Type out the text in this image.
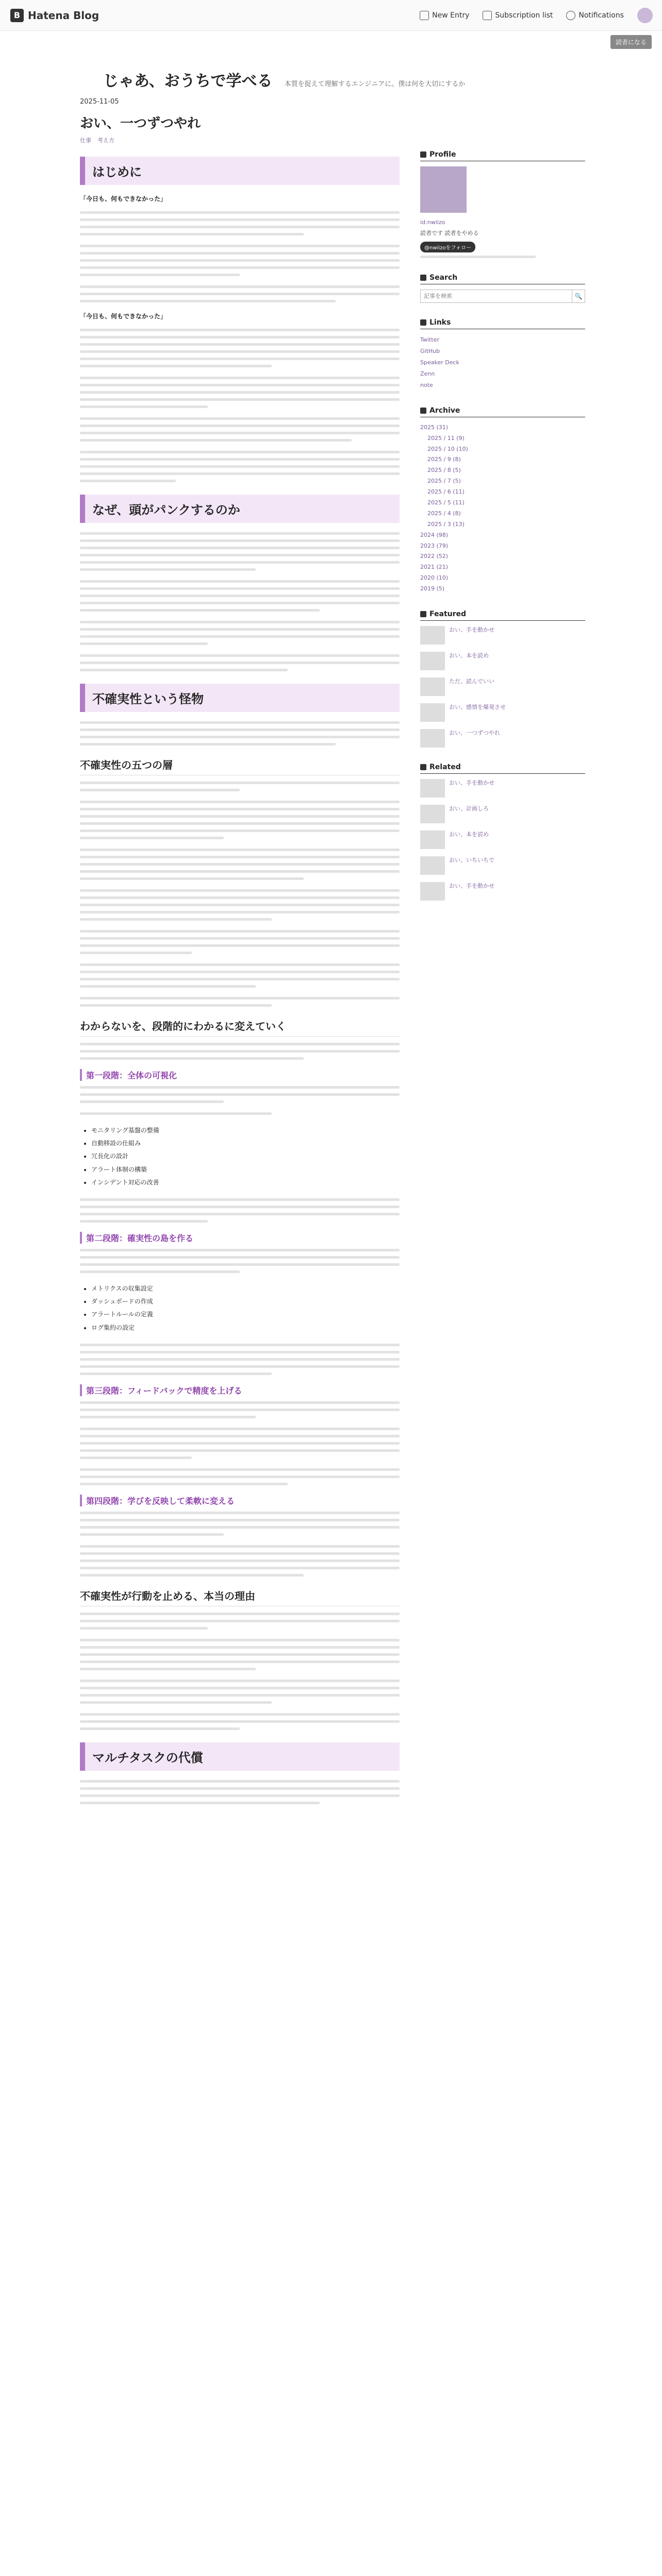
B Hatena Blog	New Entry	Subscription list	Notifications
読者になる
じゃあ、おうちで学べる 本質を捉えて理解するエンジニアに。僕は何を大切にするか
2025-11-05
おい、一つずつやれ
仕事 考え方
はじめに
「今日も、何もできなかった」
「今日も、何もできなかった」
なぜ、頭がパンクするのか
不確実性という怪物
不確実性の五つの層
わからないを、段階的にわかるに変えていく
第一段階：全体の可視化
• モニタリング基盤の整備
• 自動移設の仕組み
• 冗長化の設計
• アラート体制の構築
• インシデント対応の改善
第二段階：確実性の島を作る
• メトリクスの収集設定
• ダッシュボードの作成
• アラートルールの定義
• ログ集約の設定
第三段階：フィードバックで精度を上げる
第四段階：学びを反映して柔軟に変える
不確実性が行動を止める、本当の理由
マルチタスクの代償
Profile
id:nwiizo
読者です 読者をやめる
@nwiizoをフォロー
Search
記事を検索
🔍
Links
Twitter
GitHub
Speaker Deck
Zenn
note
Archive
2025 (31)
2025 / 11 (9)
2025 / 10 (10)
2025 / 9 (8)
2025 / 8 (5)
2025 / 7 (5)
2025 / 6 (11)
2025 / 5 (11)
2025 / 4 (8)
2025 / 3 (13)
2024 (98)
2023 (79)
2022 (52)
2021 (21)
2020 (10)
2019 (5)
Featured
おい、手を動かせ
おい、本を読め
ただ、読んでいい
おい、感情を爆発させ
おい、一つずつやれ
Related
おい、手を動かせ
おい、計画しろ
おい、本を読め
おい、いちいちで
おい、手を動かせ
